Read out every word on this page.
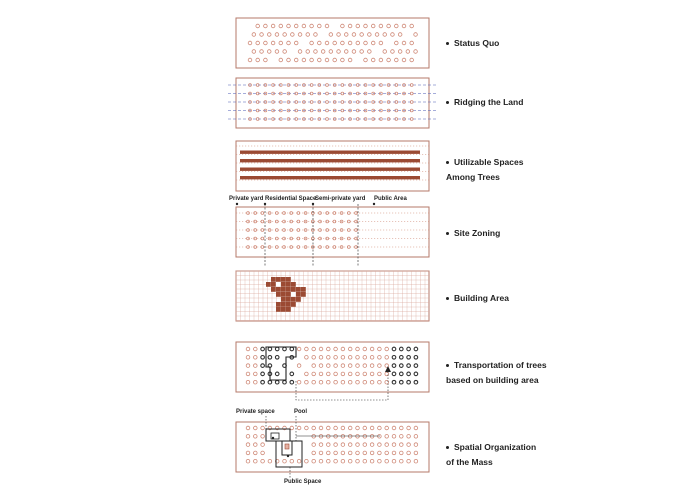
Status Quo
Ridging the Land
Utilizable Spaces
Among Trees
Site Zoning
Building Area
Transportation of trees
based on building area
Spatial Organization
of the Mass
Private yard Residential Space
Semi-private yard Public Area
Private space	Pool
Public Space
